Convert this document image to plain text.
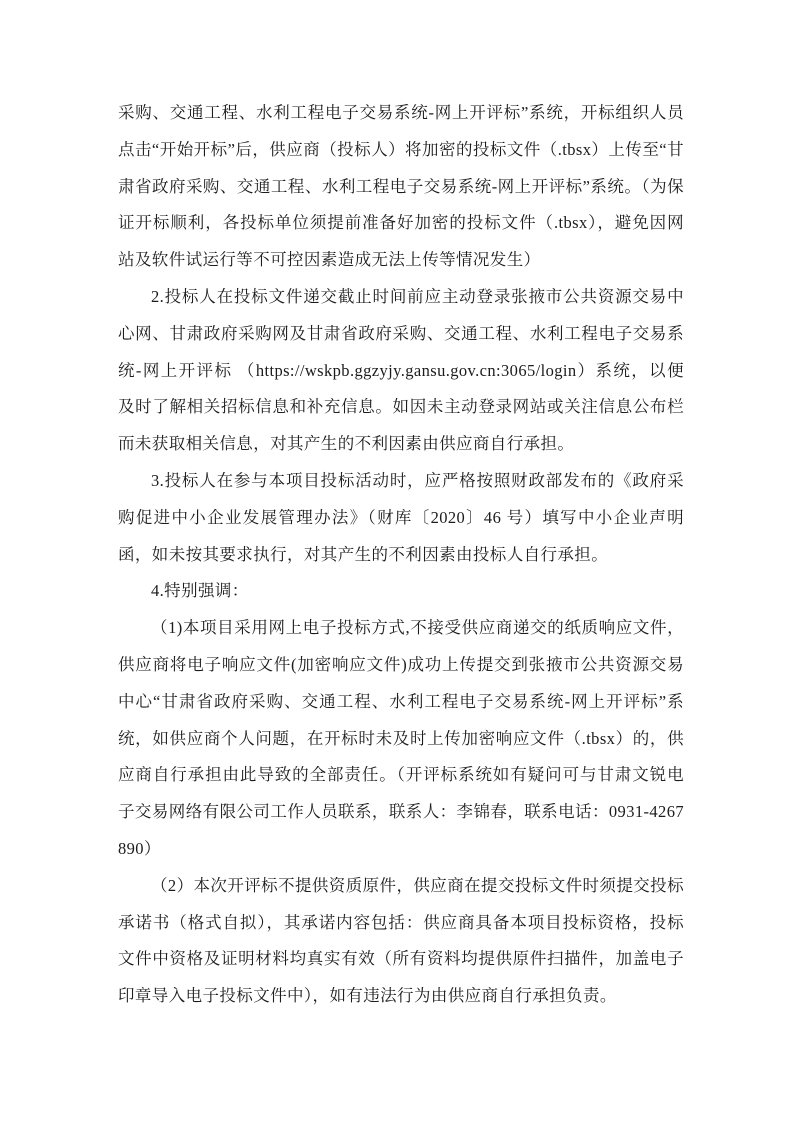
采购、交通工程、水利工程电子交易系统-网上开评标”系统，开标组织人员点击“开始开标”后，供应商（投标人）将加密的投标文件（.tbsx）上传至“甘肃省政府采购、交通工程、水利工程电子交易系统-网上开评标”系统。（为保证开标顺利，各投标单位须提前准备好加密的投标文件（.tbsx），避免因网站及软件试运行等不可控因素造成无法上传等情况发生）

2.投标人在投标文件递交截止时间前应主动登录张掖市公共资源交易中心网、甘肃政府采购网及甘肃省政府采购、交通工程、水利工程电子交易系统-网上开评标 （https://wskpb.ggzyjy.gansu.gov.cn:3065/login）系统，以便及时了解相关招标信息和补充信息。如因未主动登录网站或关注信息公布栏而未获取相关信息，对其产生的不利因素由供应商自行承担。

3.投标人在参与本项目投标活动时，应严格按照财政部发布的《政府采购促进中小企业发展管理办法》（财库〔2020〕46 号）填写中小企业声明函，如未按其要求执行，对其产生的不利因素由投标人自行承担。

4.特别强调：

（1)本项目采用网上电子投标方式,不接受供应商递交的纸质响应文件，供应商将电子响应文件(加密响应文件)成功上传提交到张掖市公共资源交易中心“甘肃省政府采购、交通工程、水利工程电子交易系统-网上开评标”系统，如供应商个人问题，在开标时未及时上传加密响应文件（.tbsx）的，供应商自行承担由此导致的全部责任。（开评标系统如有疑问可与甘肃文锐电子交易网络有限公司工作人员联系，联系人：李锦春，联系电话：0931-4267890）

（2）本次开评标不提供资质原件，供应商在提交投标文件时须提交投标承诺书（格式自拟），其承诺内容包括：供应商具备本项目投标资格，投标文件中资格及证明材料均真实有效（所有资料均提供原件扫描件，加盖电子印章导入电子投标文件中），如有违法行为由供应商自行承担负责。
